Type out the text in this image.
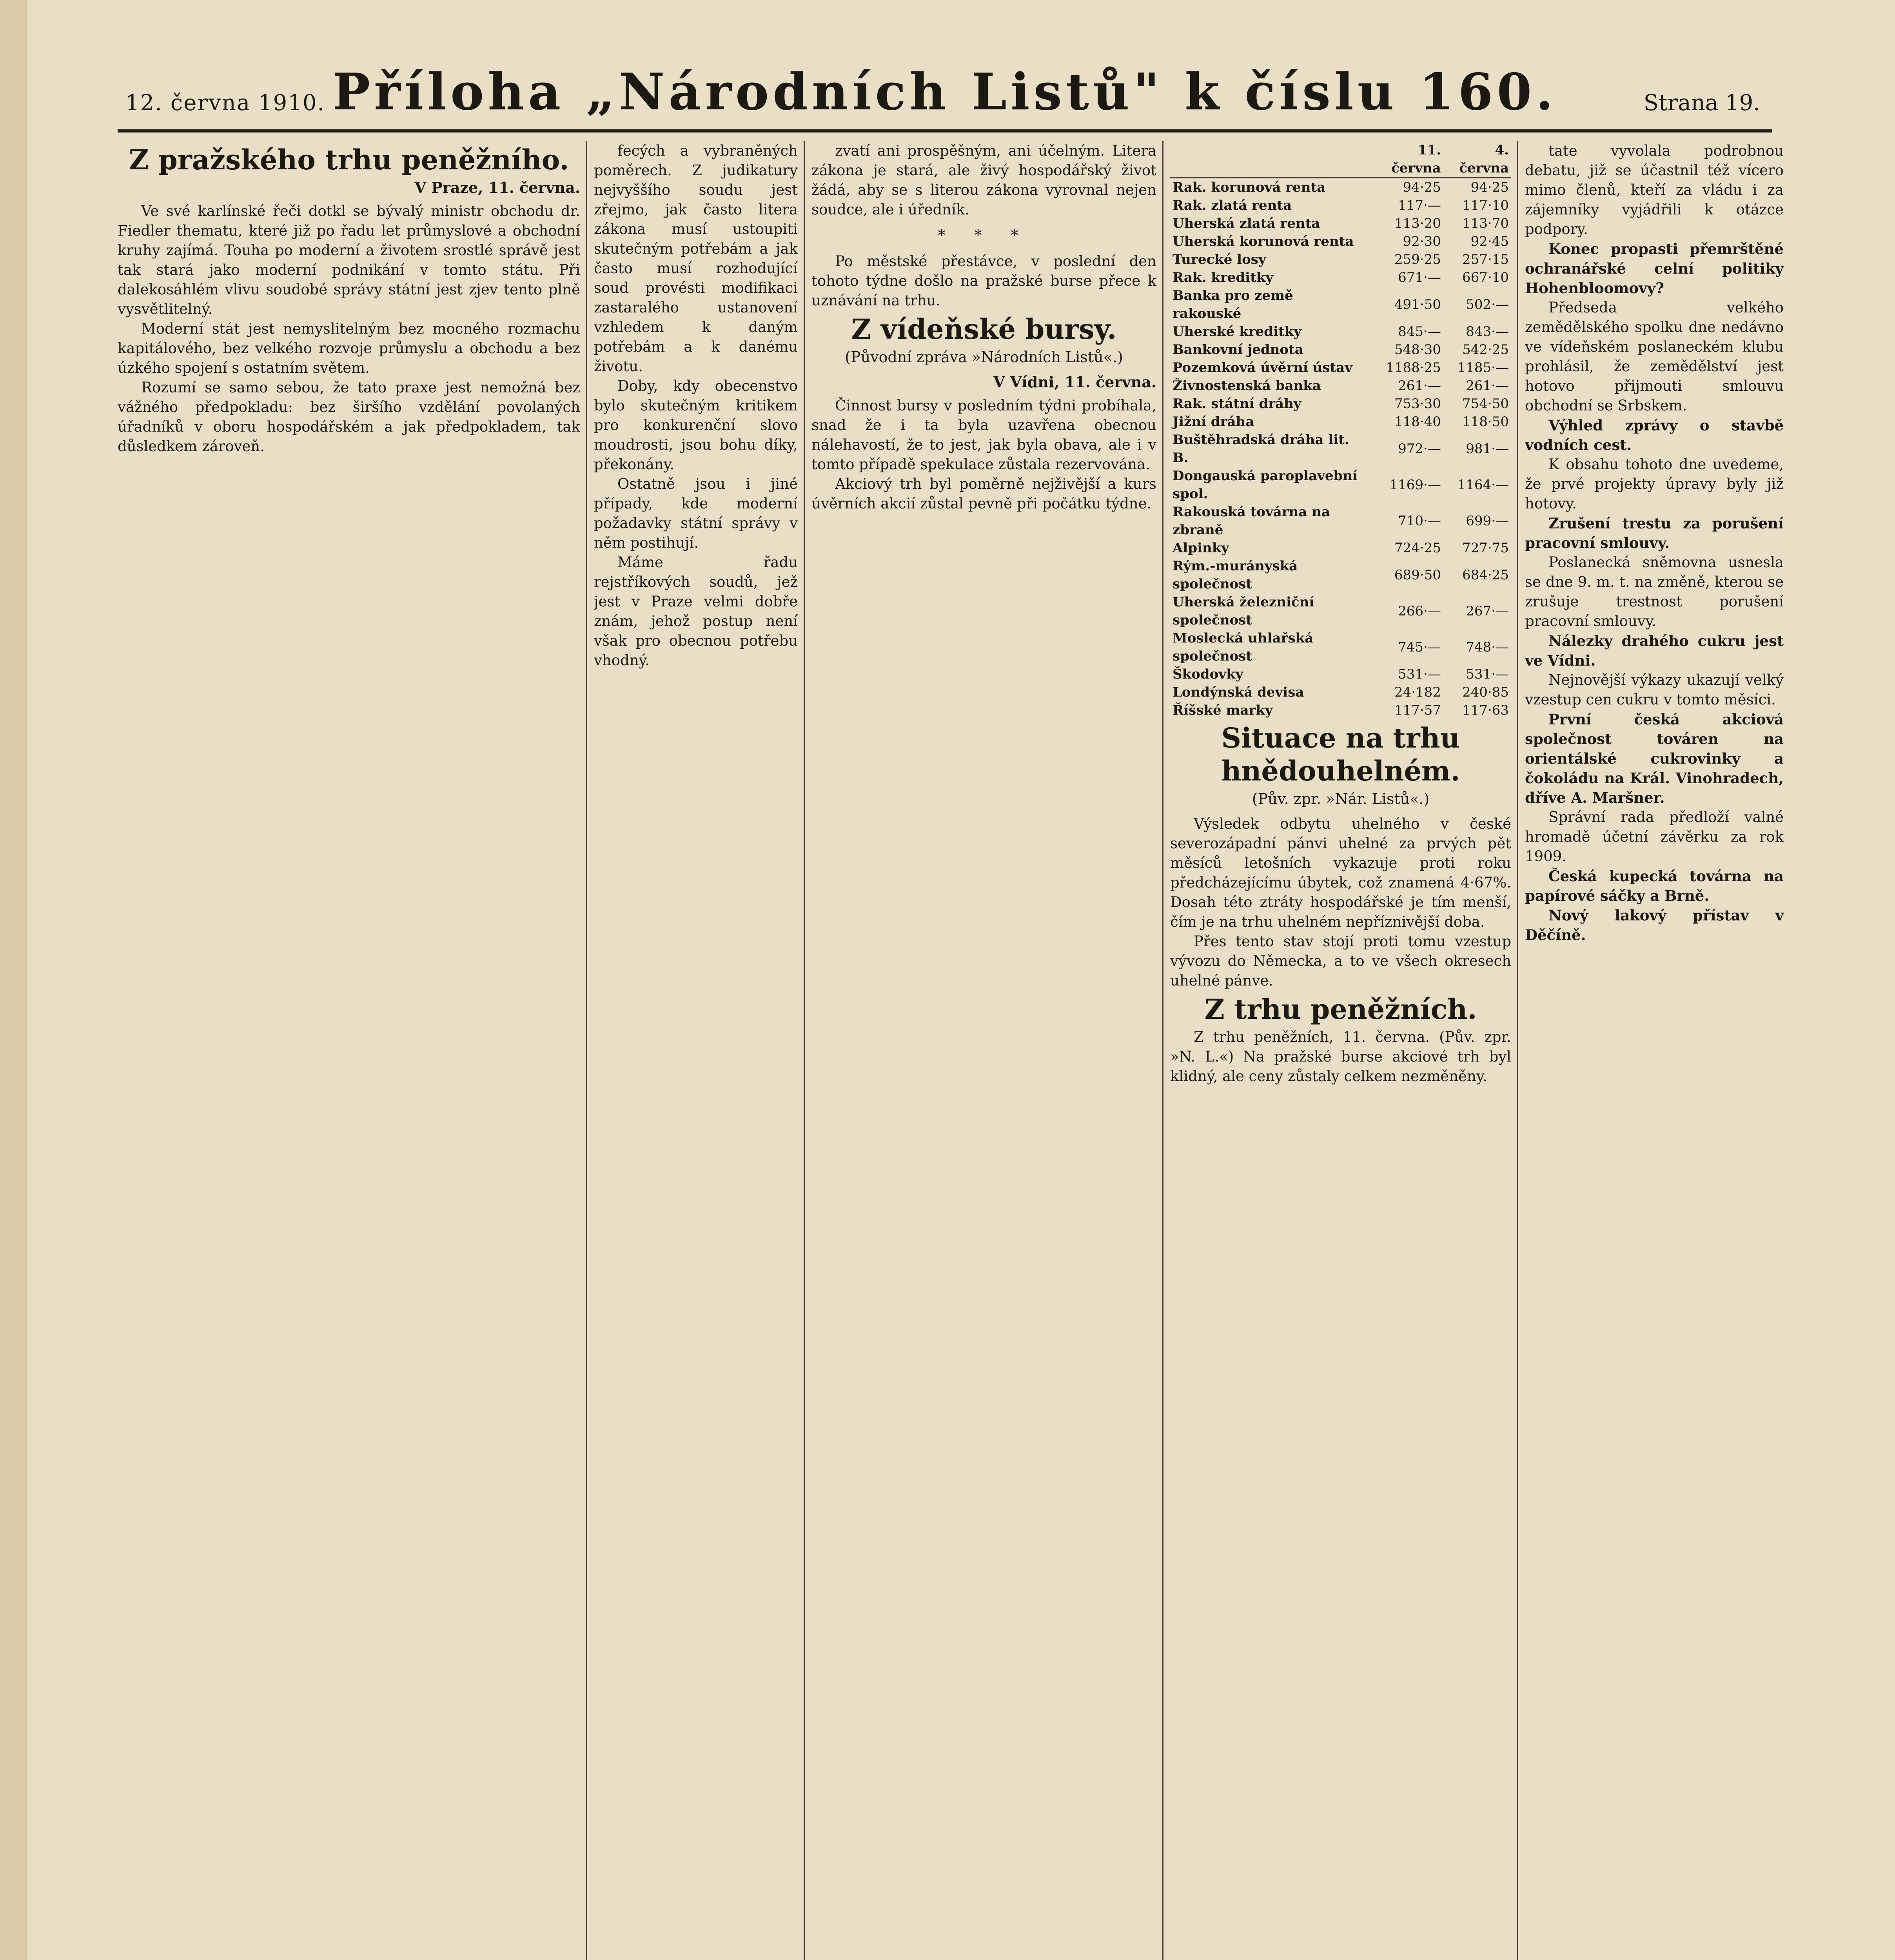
12. června 1910. Příloha „Národních Listů" k číslu 160.	Strana 19.
Z pražského trhu peněžního.
V Praze, 11. června.

Ve své karlínské řeči dotkl se bývalý ministr obchodu dr. Fiedler thematu, které již po řadu let průmyslové a obchodní kruhy zajímá. Touha po moderní a životem srostlé správě jest tak stará jako moderní podnikání v tomto státu. Při dalekosáhlém vlivu soudobé správy státní jest zjev tento plně vysvětlitelný.

Moderní stát jest nemyslitelným bez mocného rozmachu kapitálového, bez velkého rozvoje průmyslu a obchodu a bez úzkého spojení s ostatním světem.

Rozumí se samo sebou, že tato praxe jest nemožná bez vážného předpokladu: bez širšího vzdělání povolaných úřadníků v oboru hospodářském a jak předpokladem, tak důsledkem zároveň.

fecých a vybraněných poměrech. Z judikatury nejvyššího soudu jest zřejmo, jak často litera zákona musí ustoupiti skutečným potřebám a jak často musí rozhodující soud provésti modifikaci zastaralého ustanovení vzhledem k daným potřebám a k danému životu.

Doby, kdy obecenstvo bylo skutečným kritikem pro konkurenční slovo moudrosti, jsou bohu díky, překonány.

Ostatně jsou i jiné případy, kde moderní požadavky státní správy v něm postihují.

Máme řadu rejstříkových soudů, jež jest v Praze velmi dobře znám, jehož postup není však pro obecnou potřebu vhodný.

zvatí ani prospěšným, ani účelným. Litera zákona je stará, ale živý hospodářský život žádá, aby se s literou zákona vyrovnal nejen soudce, ale i úředník.

* * *

Po městské přestávce, v poslední den tohoto týdne došlo na pražské burse přece k uznávání na trhu.

Z vídeňské bursy.
(Původní zpráva »Národních Listů«.)
V Vídni, 11. června.

Činnost bursy v posledním týdni probíhala, snad že i ta byla uzavřena obecnou nálehavostí, že to jest, jak byla obava, ale i v tomto případě spekulace zůstala rezervována.

Akciový trh byl poměrně nejživější a kurs úvěrních akcií zůstal pevně při počátku týdne.

	11. června	4. června
Rak. korunová renta	94·25	94·25
Rak. zlatá renta	117·—	117·10
Uherská zlatá renta	113·20	113·70
Uherská korunová renta	92·30	92·45
Turecké losy	259·25	257·15
Rak. kreditky	671·—	667·10
Banka pro země rakouské	491·50	502·—
Uherské kreditky	845·—	843·—
Bankovní jednota	548·30	542·25
Pozemková úvěrní ústav	1188·25	1185·—
Živnostenská banka	261·—	261·—
Rak. státní dráhy	753·30	754·50
Jižní dráha	118·40	118·50
Buštěhradská dráha lit. B.	972·—	981·—
Dongauská paroplavební spol.	1169·—	1164·—
Rakouská továrna na zbraně	710·—	699·—
Alpinky	724·25	727·75
Rým.-murányská společnost	689·50	684·25
Uherská železniční společnost	266·—	267·—
Moslecká uhlařská společnost	745·—	748·—
Škodovky	531·—	531·—
Londýnská devisa	24·182	240·85
Říšské marky	117·57	117·63
Situace na trhu hnědouhelném.
(Pův. zpr. »Nár. Listů«.)

Výsledek odbytu uhelného v české severozápadní pánvi uhelné za prvých pět měsíců letošních vykazuje proti roku předcházejícímu úbytek, což znamená 4·67%. Dosah této ztráty hospodářské je tím menší, čím je na trhu uhelném nepříznivější doba.

Přes tento stav stojí proti tomu vzestup vývozu do Německa, a to ve všech okresech uhelné pánve.

Z trhu peněžních.

Z trhu peněžních, 11. června. (Pův. zpr. »N. L.«) Na pražské burse akciové trh byl klidný, ale ceny zůstaly celkem nezměněny.

tate vyvolala podrobnou debatu, již se účastnil též vícero mimo členů, kteří za vládu i za zájemníky vyjádřili k otázce podpory.

Konec propasti přemrštěné ochranářské celní politiky Hohenbloomovy?

Předseda velkého zemědělského spolku dne nedávno ve vídeňském poslaneckém klubu prohlásil, že zemědělství jest hotovo přijmouti smlouvu obchodní se Srbskem.

Výhled zprávy o stavbě vodních cest.

K obsahu tohoto dne uvedeme, že prvé projekty úpravy byly již hotovy.

Zrušení trestu za porušení pracovní smlouvy.

Poslanecká sněmovna usnesla se dne 9. m. t. na změně, kterou se zrušuje trestnost porušení pracovní smlouvy.

Nálezky drahého cukru jest ve Vídni.

Nejnovější výkazy ukazují velký vzestup cen cukru v tomto měsíci.

První česká akciová společnost továren na orientálské cukrovinky a čokoládu na Král. Vinohradech, dříve A. Maršner.

Správní rada předloží valné hromadě účetní závěrku za rok 1909.

Česká kupecká továrna na papírové sáčky a Brně.

Nový lakový přístav v Děčíně.
